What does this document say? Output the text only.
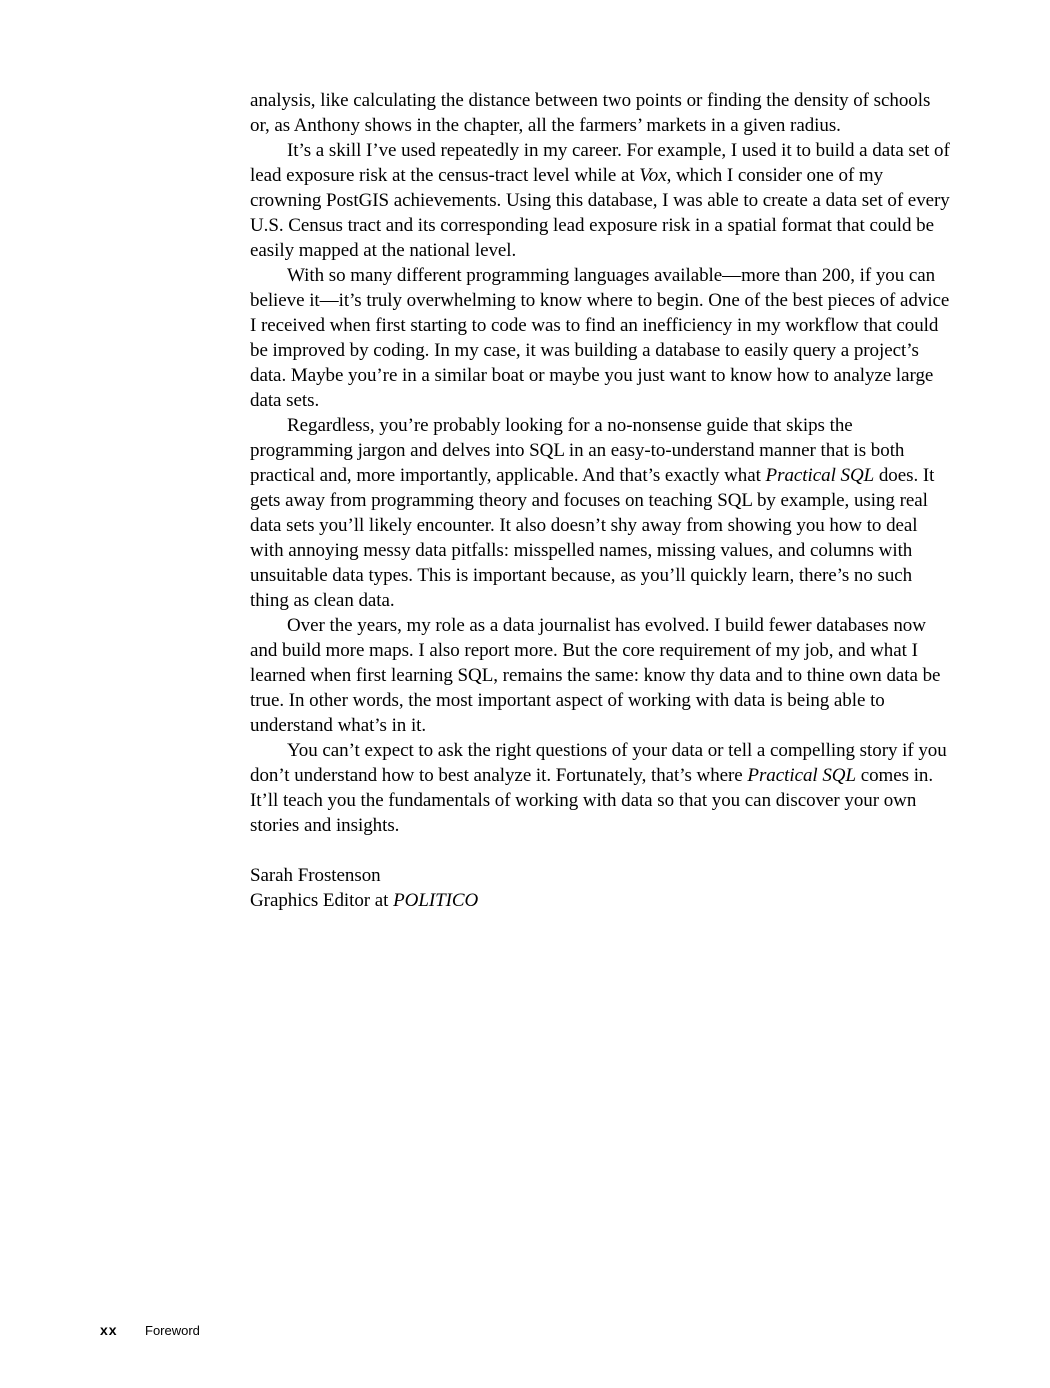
analysis, like calculating the distance between two points or finding the density of schools or, as Anthony shows in the chapter, all the farmers’ markets in a given radius.

It’s a skill I’ve used repeatedly in my career. For example, I used it to build a data set of lead exposure risk at the census-tract level while at Vox, which I consider one of my crowning PostGIS achievements. Using this database, I was able to create a data set of every U.S. Census tract and its corresponding lead exposure risk in a spatial format that could be easily mapped at the national level.

With so many different programming languages available—more than 200, if you can believe it—it’s truly overwhelming to know where to begin. One of the best pieces of advice I received when first starting to code was to find an inefficiency in my workflow that could be improved by coding. In my case, it was building a database to easily query a project’s data. Maybe you’re in a similar boat or maybe you just want to know how to analyze large data sets.

Regardless, you’re probably looking for a no-nonsense guide that skips the programming jargon and delves into SQL in an easy-to-understand manner that is both practical and, more importantly, applicable. And that’s exactly what Practical SQL does. It gets away from programming theory and focuses on teaching SQL by example, using real data sets you’ll likely encounter. It also doesn’t shy away from showing you how to deal with annoying messy data pitfalls: misspelled names, missing values, and columns with unsuitable data types. This is important because, as you’ll quickly learn, there’s no such thing as clean data.

Over the years, my role as a data journalist has evolved. I build fewer databases now and build more maps. I also report more. But the core requirement of my job, and what I learned when first learning SQL, remains the same: know thy data and to thine own data be true. In other words, the most important aspect of working with data is being able to understand what’s in it.

You can’t expect to ask the right questions of your data or tell a compelling story if you don’t understand how to best analyze it. Fortunately, that’s where Practical SQL comes in. It’ll teach you the fundamentals of working with data so that you can discover your own stories and insights.

Sarah Frostenson
Graphics Editor at POLITICO
xx Foreword
